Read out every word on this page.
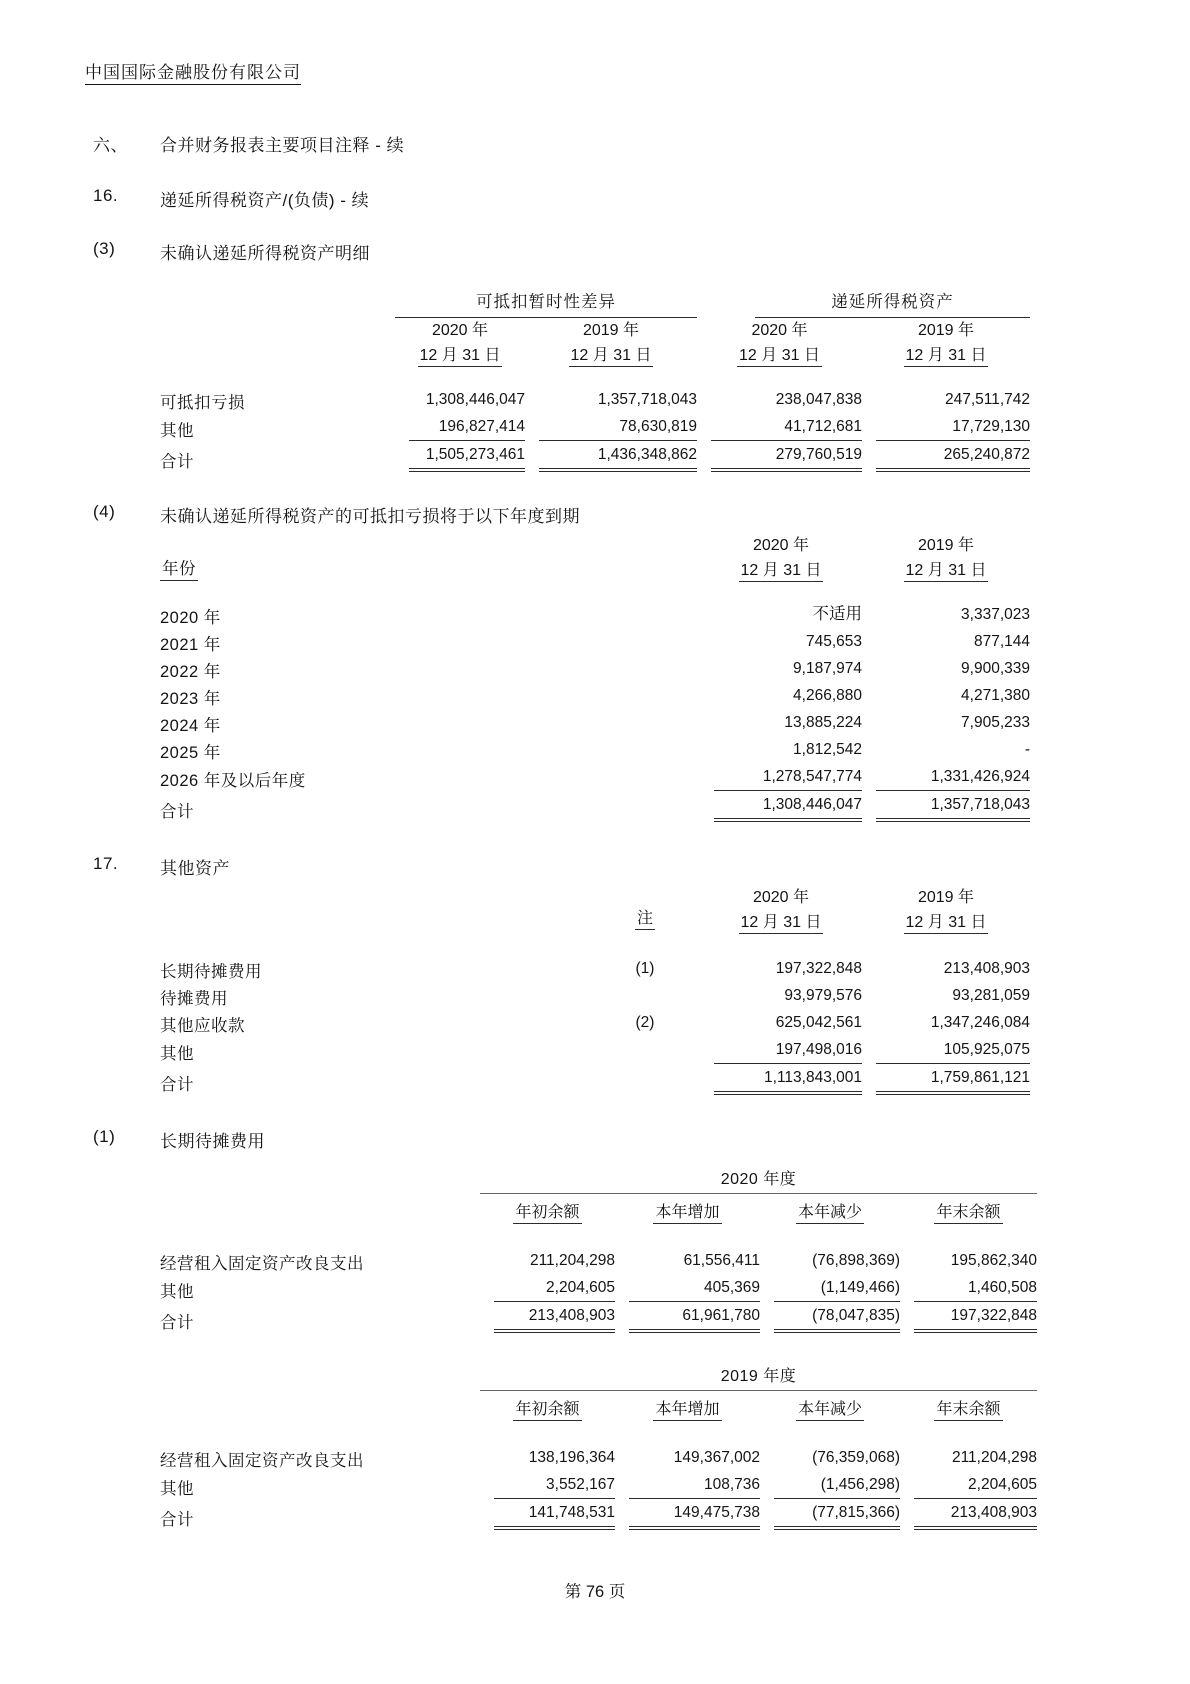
中国国际金融股份有限公司
六、	合并财务报表主要项目注释 - 续
16.	递延所得税资产/(负债) - 续
(3)	未确认递延所得税资产明细

	可抵扣暂时性差异		递延所得税资产	

	2020 年
12 月 31 日	2019 年
12 月 31 日	2020 年
12 月 31 日	2019 年
12 月 31 日

可抵扣亏损	1,308,446,047	1,357,718,043	238,047,838	247,511,742

其他	196,827,414	78,630,819	41,712,681	17,729,130

合计	1,505,273,461	1,436,348,862	279,760,519	265,240,872
(4)	未确认递延所得税资产的可抵扣亏损将于以下年度到期
年份	2020 年
12 月 31 日	2019 年
12 月 31 日

2020 年	不适用	3,337,023

2021 年	745,653	877,144

2022 年	9,187,974	9,900,339

2023 年	4,266,880	4,271,380

2024 年	13,885,224	7,905,233

2025 年	1,812,542	-

2026 年及以后年度	1,278,547,774	1,331,426,924

合计	1,308,446,047	1,357,718,043
17.	其他资产
	注	2020 年
12 月 31 日	2019 年
12 月 31 日

长期待摊费用	(1)	197,322,848	213,408,903

待摊费用		93,979,576	93,281,059

其他应收款	(2)	625,042,561	1,347,246,084

其他		197,498,016	105,925,075

合计		1,113,843,001	1,759,861,121
(1)	长期待摊费用
	2020 年度			
	年初余额	本年增加	本年减少	年末余额

经营租入固定资产改良支出	211,204,298	61,556,411	(76,898,369)	195,862,340

其他	2,204,605	405,369	(1,149,466)	1,460,508

合计	213,408,903	61,961,780	(78,047,835)	197,322,848
	2019 年度			
	年初余额	本年增加	本年减少	年末余额

经营租入固定资产改良支出	138,196,364	149,367,002	(76,359,068)	211,204,298

其他	3,552,167	108,736	(1,456,298)	2,204,605

合计	141,748,531	149,475,738	(77,815,366)	213,408,903
第 76 页
